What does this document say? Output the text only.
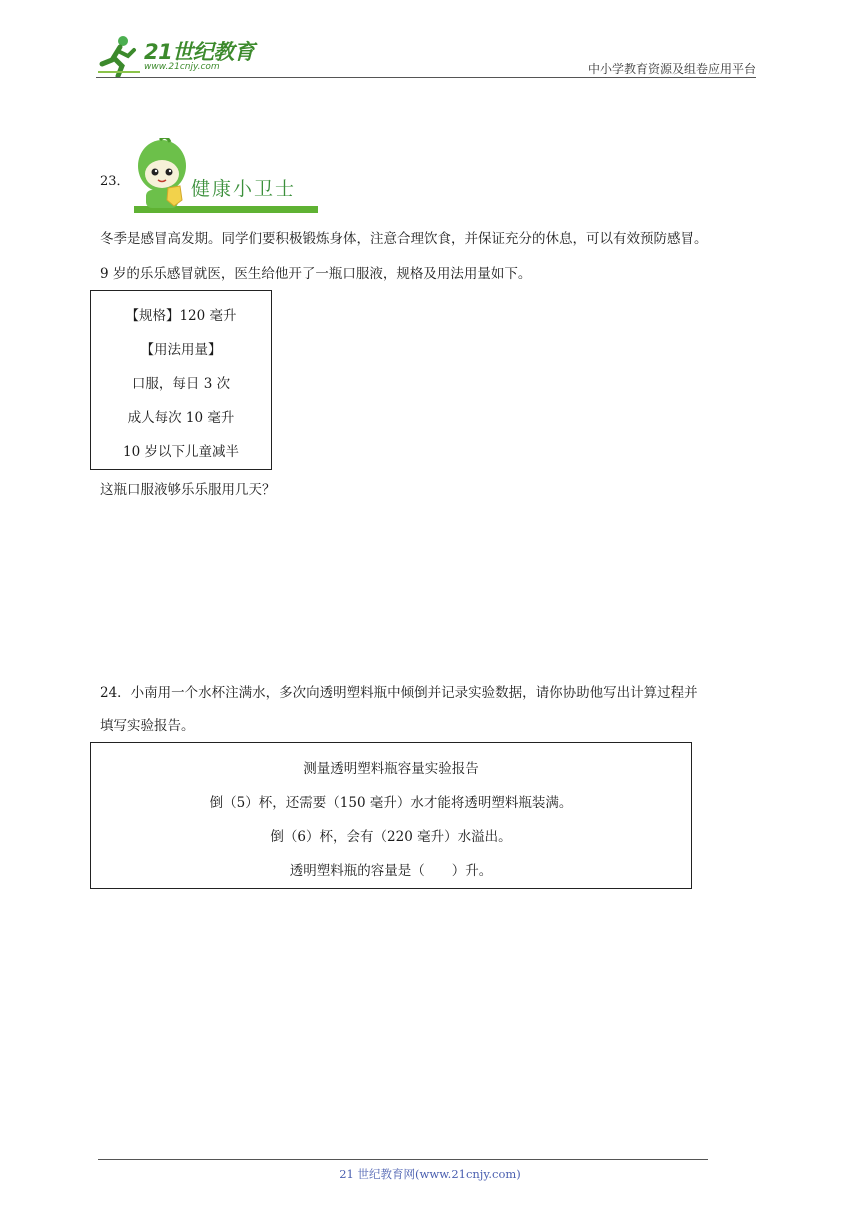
21世纪教育
www.21cnjy.com	中小学教育资源及组卷应用平台
23．	健康小卫士
冬季是感冒高发期。同学们要积极锻炼身体，注意合理饮食，并保证充分的休息，可以有效预防感冒。
9 岁的乐乐感冒就医，医生给他开了一瓶口服液，规格及用法用量如下。
【规格】120 毫升
【用法用量】
口服，每日 3 次
成人每次 10 毫升
10 岁以下儿童减半
这瓶口服液够乐乐服用几天？
24．小南用一个水杯注满水，多次向透明塑料瓶中倾倒并记录实验数据，请你协助他写出计算过程并
填写实验报告。
测量透明塑料瓶容量实验报告
倒（5）杯，还需要（150 毫升）水才能将透明塑料瓶装满。
倒（6）杯，会有（220 毫升）水溢出。
透明塑料瓶的容量是（　　）升。
21 世纪教育网(www.21cnjy.com)
